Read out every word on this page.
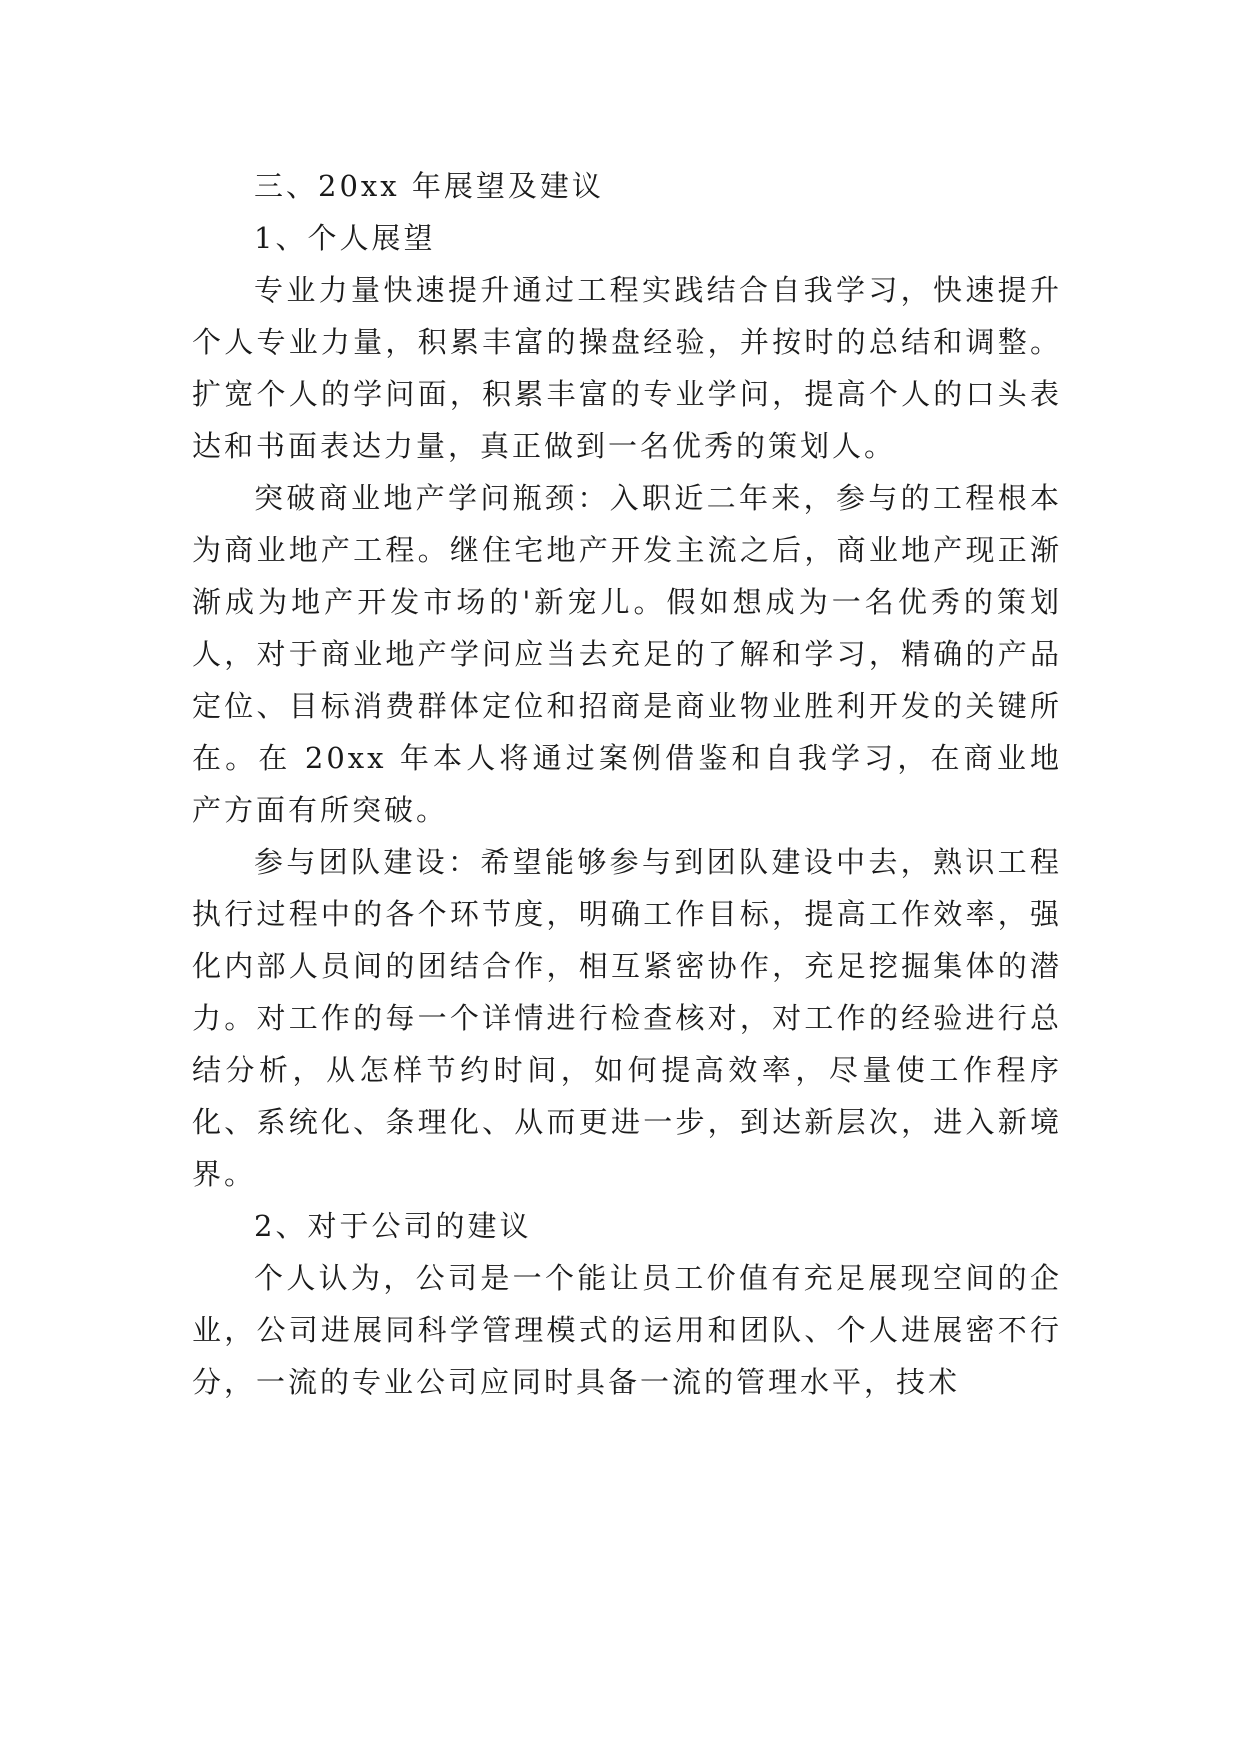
三、20xx 年展望及建议

1、个人展望

专业力量快速提升通过工程实践结合自我学习，快速提升个人专业力量，积累丰富的操盘经验，并按时的总结和调整。扩宽个人的学问面，积累丰富的专业学问，提高个人的口头表达和书面表达力量，真正做到一名优秀的策划人。

突破商业地产学问瓶颈：入职近二年来，参与的工程根本为商业地产工程。继住宅地产开发主流之后，商业地产现正渐渐成为地产开发市场的'新宠儿。假如想成为一名优秀的策划人，对于商业地产学问应当去充足的了解和学习，精确的产品定位、目标消费群体定位和招商是商业物业胜利开发的关键所在。在 20xx 年本人将通过案例借鉴和自我学习，在商业地产方面有所突破。

参与团队建设：希望能够参与到团队建设中去，熟识工程执行过程中的各个环节度，明确工作目标，提高工作效率，强化内部人员间的团结合作，相互紧密协作，充足挖掘集体的潜力。对工作的每一个详情进行检查核对，对工作的经验进行总结分析，从怎样节约时间，如何提高效率，尽量使工作程序化、系统化、条理化、从而更进一步，到达新层次，进入新境界。

2、对于公司的建议

个人认为，公司是一个能让员工价值有充足展现空间的企业，公司进展同科学管理模式的运用和团队、个人进展密不行分，一流的专业公司应同时具备一流的管理水平，技术
